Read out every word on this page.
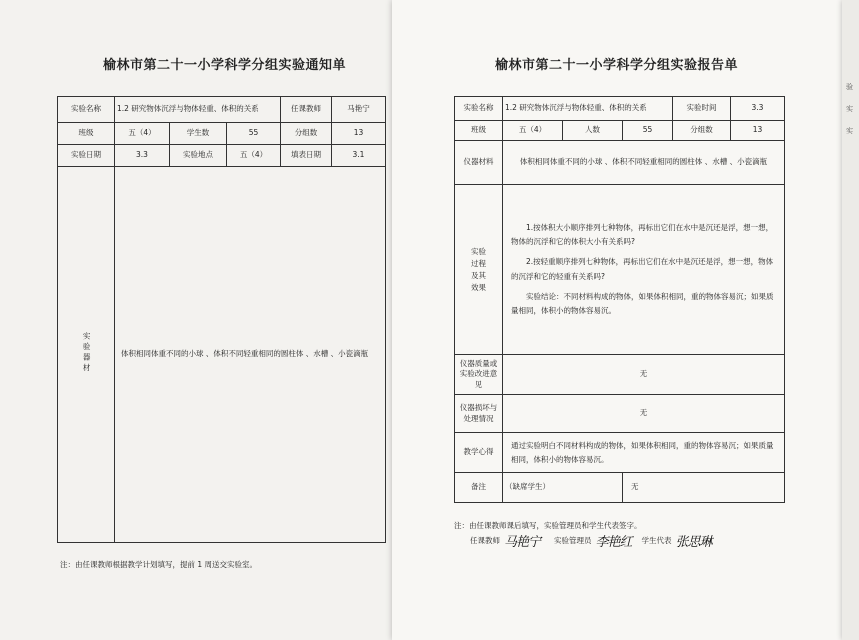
榆林市第二十一小学科学分组实验通知单
实验名称	1.2 研究物体沉浮与物体轻重、体积的关系			任课教师	马艳宁
班级	五（4）	学生数	55	分组数	13
实验日期	3.3	实验地点	五（4）	填表日期	3.1
实验器材	体积相同体重不同的小球 、体积不同轻重相同的圆柱体 、水槽 、小瓷滴瓶				
注：由任课教师根据教学计划填写，提前 1 周送交实验室。
榆林市第二十一小学科学分组实验报告单
实验名称	1.2 研究物体沉浮与物体轻重、体积的关系			实验时间	3.3
班级	五（4）	人数	55	分组数	13
仪器材料	体积相同体重不同的小球 、体积不同轻重相同的圆柱体 、水槽 、小瓷滴瓶				
实验过程及其效果	1.按体积大小顺序排列七种物体，再标出它们在水中是沉还是浮，想一想，物体的沉浮和它的体积大小有关系吗?
2.按轻重顺序排列七种物体，再标出它们在水中是沉还是浮，想一想，物体的沉浮和它的轻重有关系吗?
实验结论：不同材料构成的物体，如果体积相同，重的物体容易沉；如果质量相同，体积小的物体容易沉。				

仪器质量或实验改进意见	无				
仪器损坏与处理情况	无				
教学心得	通过实验明白不同材料构成的物体，如果体积相同，重的物体容易沉；如果质量相同，体积小的物体容易沉。				
备注	（缺席学生）		无		
注：由任课教师课后填写，实验管理员和学生代表签字。
任课教师 马艳宁 实验管理员 李艳红 学生代表 张思琳
验
实
实
